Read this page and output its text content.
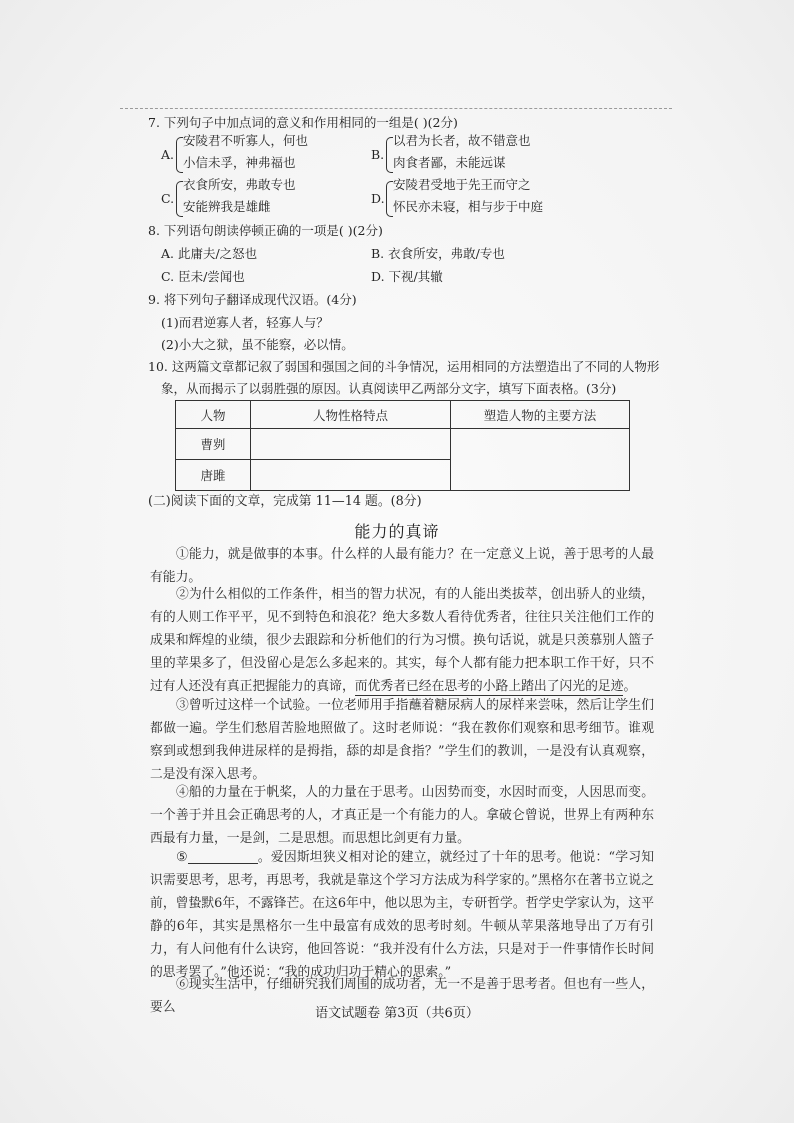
7. 下列句子中加点词的意义和作用相同的一组是( )(2分)
A.
安陵君不听寡人，何也
小信未孚，神弗福也
B.
以君为长者，故不错意也
肉食者鄙，未能远谋
C.
衣食所安，弗敢专也
安能辨我是雄雌
D.
安陵君受地于先王而守之
怀民亦未寝，相与步于中庭
8. 下列语句朗读停顿正确的一项是( )(2分)
A. 此庸夫/之怒也	B. 衣食所安，弗敢/专也
C. 臣未/尝闻也	D. 下视/其辙
9. 将下列句子翻译成现代汉语。(4分)
(1)而君逆寡人者，轻寡人与？
(2)小大之狱，虽不能察，必以情。
10. 这两篇文章都记叙了弱国和强国之间的斗争情况，运用相同的方法塑造出了不同的人物形
象，从而揭示了以弱胜强的原因。认真阅读甲乙两部分文字，填写下面表格。(3分)
人物	人物性格特点	塑造人物的主要方法
曹刿		
唐雎		
(二)阅读下面的文章，完成第 11—14 题。(8分)
能力的真谛
①能力，就是做事的本事。什么样的人最有能力？在一定意义上说，善于思考的人最有能力。
②为什么相似的工作条件，相当的智力状况，有的人能出类拔萃，创出骄人的业绩，有的人则工作平平，见不到特色和浪花？绝大多数人看待优秀者，往往只关注他们工作的成果和辉煌的业绩，很少去跟踪和分析他们的行为习惯。换句话说，就是只羡慕别人篮子里的苹果多了，但没留心是怎么多起来的。其实，每个人都有能力把本职工作干好，只不过有人还没有真正把握能力的真谛，而优秀者已经在思考的小路上踏出了闪光的足迹。
③曾听过这样一个试验。一位老师用手指蘸着糖尿病人的尿样来尝味，然后让学生们都做一遍。学生们愁眉苦脸地照做了。这时老师说：“我在教你们观察和思考细节。谁观察到或想到我伸进尿样的是拇指，舔的却是食指？”学生们的教训，一是没有认真观察，二是没有深入思考。
④船的力量在于帆桨，人的力量在于思考。山因势而变，水因时而变，人因思而变。一个善于并且会正确思考的人，才真正是一个有能力的人。拿破仑曾说，世界上有两种东西最有力量，一是剑，二是思想。而思想比剑更有力量。
⑤	。爱因斯坦狭义相对论的建立，就经过了十年的思考。他说：“学习知识需要思考，思考，再思考，我就是靠这个学习方法成为科学家的。”黑格尔在著书立说之前，曾蛰默6年，不露锋芒。在这6年中，他以思为主，专研哲学。哲学史学家认为，这平静的6年，其实是黑格尔一生中最富有成效的思考时刻。牛顿从苹果落地导出了万有引力，有人问他有什么诀窍，他回答说：“我并没有什么方法，只是对于一件事情作长时间的思考罢了。”他还说：“我的成功归功于精心的思索。”
⑥现实生活中，仔细研究我们周围的成功者，无一不是善于思考者。但也有一些人，要么	语文试题卷 第3页（共6页）
